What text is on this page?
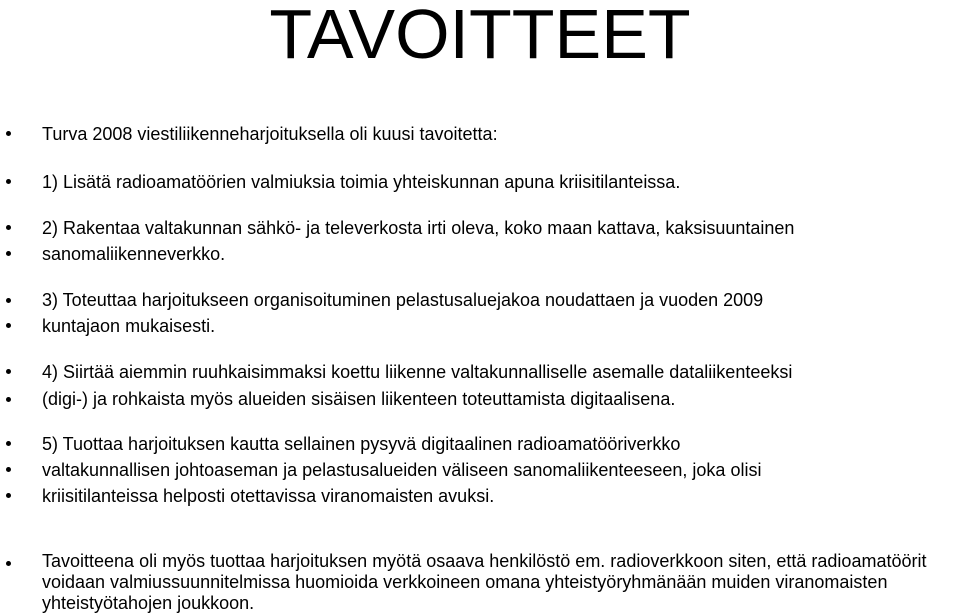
TAVOITTEET
Turva 2008 viestiliikenneharjoituksella oli kuusi tavoitetta:
1) Lisätä radioamatöörien valmiuksia toimia yhteiskunnan apuna kriisitilanteissa.
2) Rakentaa valtakunnan sähkö- ja televerkosta irti oleva, koko maan kattava, kaksisuuntainen
sanomaliikenneverkko.
3) Toteuttaa harjoitukseen organisoituminen pelastusaluejakoa noudattaen ja vuoden 2009
kuntajaon mukaisesti.
4) Siirtää aiemmin ruuhkaisimmaksi koettu liikenne valtakunnalliselle asemalle dataliikenteeksi
(digi-) ja rohkaista myös alueiden sisäisen liikenteen toteuttamista digitaalisena.
5) Tuottaa harjoituksen kautta sellainen pysyvä digitaalinen radioamatööriverkko
valtakunnallisen johtoaseman ja pelastusalueiden väliseen sanomaliikenteeseen, joka olisi
kriisitilanteissa helposti otettavissa viranomaisten avuksi.
Tavoitteena oli myös tuottaa harjoituksen myötä osaava henkilöstö em. radioverkkoon siten, että radioamatöörit voidaan valmiussuunnitelmissa huomioida verkkoineen omana yhteistyöryhmänään muiden viranomaisten yhteistyötahojen joukkoon.
